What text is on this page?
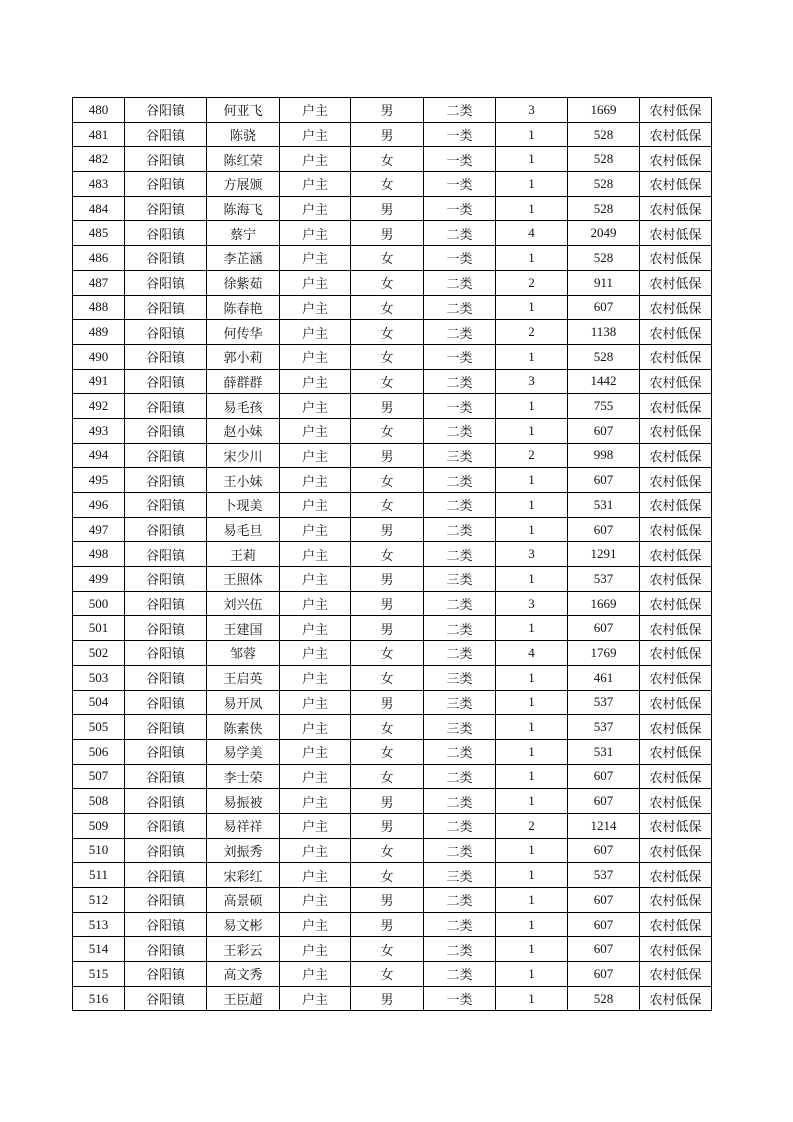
480	谷阳镇	何亚飞	户主	男	二类	3	1669	农村低保
481	谷阳镇	陈骁	户主	男	一类	1	528	农村低保
482	谷阳镇	陈红荣	户主	女	一类	1	528	农村低保
483	谷阳镇	方展颁	户主	女	一类	1	528	农村低保
484	谷阳镇	陈海飞	户主	男	一类	1	528	农村低保
485	谷阳镇	蔡宁	户主	男	二类	4	2049	农村低保
486	谷阳镇	李芷涵	户主	女	一类	1	528	农村低保
487	谷阳镇	徐紫茹	户主	女	二类	2	911	农村低保
488	谷阳镇	陈春艳	户主	女	二类	1	607	农村低保
489	谷阳镇	何传华	户主	女	二类	2	1138	农村低保
490	谷阳镇	郭小莉	户主	女	一类	1	528	农村低保
491	谷阳镇	薛群群	户主	女	二类	3	1442	农村低保
492	谷阳镇	易毛孩	户主	男	一类	1	755	农村低保
493	谷阳镇	赵小妹	户主	女	二类	1	607	农村低保
494	谷阳镇	宋少川	户主	男	三类	2	998	农村低保
495	谷阳镇	王小妹	户主	女	二类	1	607	农村低保
496	谷阳镇	卜现美	户主	女	二类	1	531	农村低保
497	谷阳镇	易毛旦	户主	男	二类	1	607	农村低保
498	谷阳镇	王莉	户主	女	二类	3	1291	农村低保
499	谷阳镇	王照体	户主	男	三类	1	537	农村低保
500	谷阳镇	刘兴伍	户主	男	二类	3	1669	农村低保
501	谷阳镇	王建国	户主	男	二类	1	607	农村低保
502	谷阳镇	邹蓉	户主	女	二类	4	1769	农村低保
503	谷阳镇	王启英	户主	女	三类	1	461	农村低保
504	谷阳镇	易开凤	户主	男	三类	1	537	农村低保
505	谷阳镇	陈素侠	户主	女	三类	1	537	农村低保
506	谷阳镇	易学美	户主	女	二类	1	531	农村低保
507	谷阳镇	李士荣	户主	女	二类	1	607	农村低保
508	谷阳镇	易振被	户主	男	二类	1	607	农村低保
509	谷阳镇	易祥祥	户主	男	二类	2	1214	农村低保
510	谷阳镇	刘振秀	户主	女	二类	1	607	农村低保
511	谷阳镇	宋彩红	户主	女	三类	1	537	农村低保
512	谷阳镇	高景硕	户主	男	二类	1	607	农村低保
513	谷阳镇	易文彬	户主	男	二类	1	607	农村低保
514	谷阳镇	王彩云	户主	女	二类	1	607	农村低保
515	谷阳镇	高文秀	户主	女	二类	1	607	农村低保
516	谷阳镇	王臣超	户主	男	一类	1	528	农村低保
